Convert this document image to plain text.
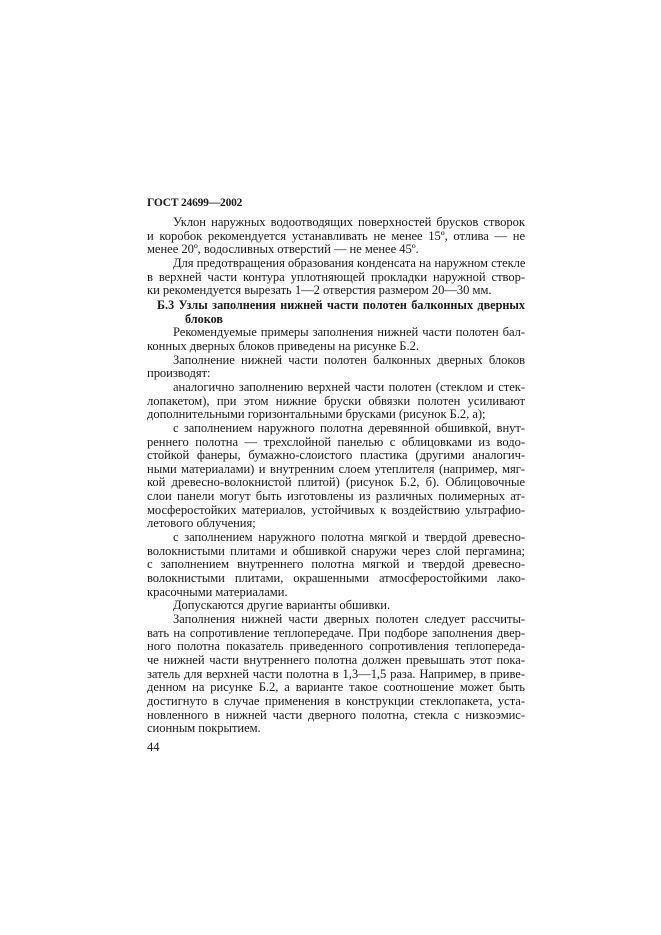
ГОСТ 24699—2002
Уклон наружных водоотводящих поверхностей брусков створок
и коробок рекомендуется устанавливать не менее 15º, отлива — не
менее 20º, водосливных отверстий — не менее 45º.
Для предотвращения образования конденсата на наружном стекле
в верхней части контура уплотняющей прокладки наружной створ-
ки рекомендуется вырезать 1—2 отверстия размером 20—30 мм.
Б.3 Узлы заполнения нижней части полотен балконных дверных
блоков
Рекомендуемые примеры заполнения нижней части полотен бал-
конных дверных блоков приведены на рисунке Б.2.
Заполнение нижней части полотен балконных дверных блоков
производят:
аналогично заполнению верхней части полотен (стеклом и стек-
лопакетом), при этом нижние бруски обвязки полотен усиливают
дополнительными горизонтальными брусками (рисунок Б.2, а);
с заполнением наружного полотна деревянной обшивкой, внут-
реннего полотна — трехслойной панелью с облицовками из водо-
стойкой фанеры, бумажно-слоистого пластика (другими аналогич-
ными материалами) и внутренним слоем утеплителя (например, мяг-
кой древесно-волокнистой плитой) (рисунок Б.2, б). Облицовочные
слои панели могут быть изготовлены из различных полимерных ат-
мосферостойких материалов, устойчивых к воздействию ультрафио-
летового облучения;
с заполнением наружного полотна мягкой и твердой древесно-
волокнистыми плитами и обшивкой снаружи через слой пергамина;
с заполнением внутреннего полотна мягкой и твердой древесно-
волокнистыми плитами, окрашенными атмосферостойкими лако-
красочными материалами.
Допускаются другие варианты обшивки.
Заполнения нижней части дверных полотен следует рассчиты-
вать на сопротивление теплопередаче. При подборе заполнения двер-
ного полотна показатель приведенного сопротивления теплопереда-
че нижней части внутреннего полотна должен превышать этот пока-
затель для верхней части полотна в 1,3—1,5 раза. Например, в приве-
денном на рисунке Б.2, а варианте такое соотношение может быть
достигнуто в случае применения в конструкции стеклопакета, уста-
новленного в нижней части дверного полотна, стекла с низкоэмис-
сионным покрытием.
44
